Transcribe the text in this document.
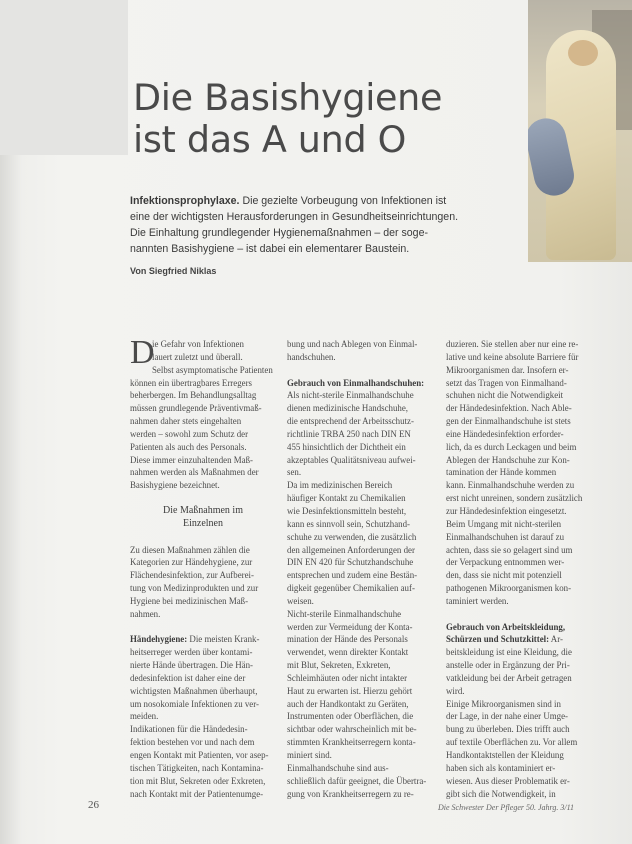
Die Basishygiene
ist das A und O

Infektionsprophylaxe. Die gezielte Vorbeugung von Infektionen ist
eine der wichtigsten Herausforderungen in Gesundheitseinrichtungen.
Die Einhaltung grundlegender Hygienemaßnahmen – der soge-
nannten Basishygiene – ist dabei ein elementarer Baustein.

Von Siegfried Niklas
D
ie Gefahr von Infektionen
lauert zuletzt und überall.
Selbst asymptomatische Patienten
können ein übertragbares Erregers
beherbergen. Im Behandlungsalltag
müssen grundlegende Präventivmaß-
nahmen daher stets eingehalten
werden – sowohl zum Schutz der
Patienten als auch des Personals.
Diese immer einzuhaltenden Maß-
nahmen werden als Maßnahmen der
Basishygiene bezeichnet.
Die Maßnahmen im
Einzelnen
Zu diesen Maßnahmen zählen die
Kategorien zur Händehygiene, zur
Flächendesinfektion, zur Aufberei-
tung von Medizinprodukten und zur
Hygiene bei medizinischen Maß-
nahmen.
Händehygiene: Die meisten Krank-
heitserreger werden über kontami-
nierte Hände übertragen. Die Hän-
dedesinfektion ist daher eine der
wichtigsten Maßnahmen überhaupt,
um nosokomiale Infektionen zu ver-
meiden.
Indikationen für die Händedesin-
fektion bestehen vor und nach dem
engen Kontakt mit Patienten, vor asep-
tischen Tätigkeiten, nach Kontamina-
tion mit Blut, Sekreten oder Exkreten,
nach Kontakt mit der Patientenumge-
bung und nach Ablegen von Einmal-
handschuhen.
Gebrauch von Einmalhandschuhen:
Als nicht-sterile Einmalhandschuhe
dienen medizinische Handschuhe,
die entsprechend der Arbeitsschutz-
richtlinie TRBA 250 nach DIN EN
455 hinsichtlich der Dichtheit ein
akzeptables Qualitätsniveau aufwei-
sen.
Da im medizinischen Bereich
häufiger Kontakt zu Chemikalien
wie Desinfektionsmitteln besteht,
kann es sinnvoll sein, Schutzhand-
schuhe zu verwenden, die zusätzlich
den allgemeinen Anforderungen der
DIN EN 420 für Schutzhandschuhe
entsprechen und zudem eine Bestän-
digkeit gegenüber Chemikalien auf-
weisen.
Nicht-sterile Einmalhandschuhe
werden zur Vermeidung der Konta-
mination der Hände des Personals
verwendet, wenn direkter Kontakt
mit Blut, Sekreten, Exkreten,
Schleimhäuten oder nicht intakter
Haut zu erwarten ist. Hierzu gehört
auch der Handkontakt zu Geräten,
Instrumenten oder Oberflächen, die
sichtbar oder wahrscheinlich mit be-
stimmten Krankheitserregern konta-
miniert sind.
Einmalhandschuhe sind aus-
schließlich dafür geeignet, die Übertra-
gung von Krankheitserregern zu re-
duzieren. Sie stellen aber nur eine re-
lative und keine absolute Barriere für
Mikroorganismen dar. Insofern er-
setzt das Tragen von Einmalhand-
schuhen nicht die Notwendigkeit
der Händedesinfektion. Nach Able-
gen der Einmalhandschuhe ist stets
eine Händedesinfektion erforder-
lich, da es durch Leckagen und beim
Ablegen der Handschuhe zur Kon-
tamination der Hände kommen
kann. Einmalhandschuhe werden zu
erst nicht unreinen, sondern zusätzlich
zur Händedesinfektion eingesetzt.
Beim Umgang mit nicht-sterilen
Einmalhandschuhen ist darauf zu
achten, dass sie so gelagert sind um
der Verpackung entnommen wer-
den, dass sie nicht mit potenziell
pathogenen Mikroorganismen kon-
taminiert werden.
Gebrauch von Arbeitskleidung,
Schürzen und Schutzkittel: Ar-
beitskleidung ist eine Kleidung, die
anstelle oder in Ergänzung der Pri-
vatkleidung bei der Arbeit getragen
wird.
Einige Mikroorganismen sind in
der Lage, in der nahe einer Umge-
bung zu überleben. Dies trifft auch
auf textile Oberflächen zu. Vor allem
Handkontaktstellen der Kleidung
haben sich als kontaminiert er-
wiesen. Aus dieser Problematik er-
gibt sich die Notwendigkeit, in
26	Die Schwester Der Pfleger 50. Jahrg. 3/11
